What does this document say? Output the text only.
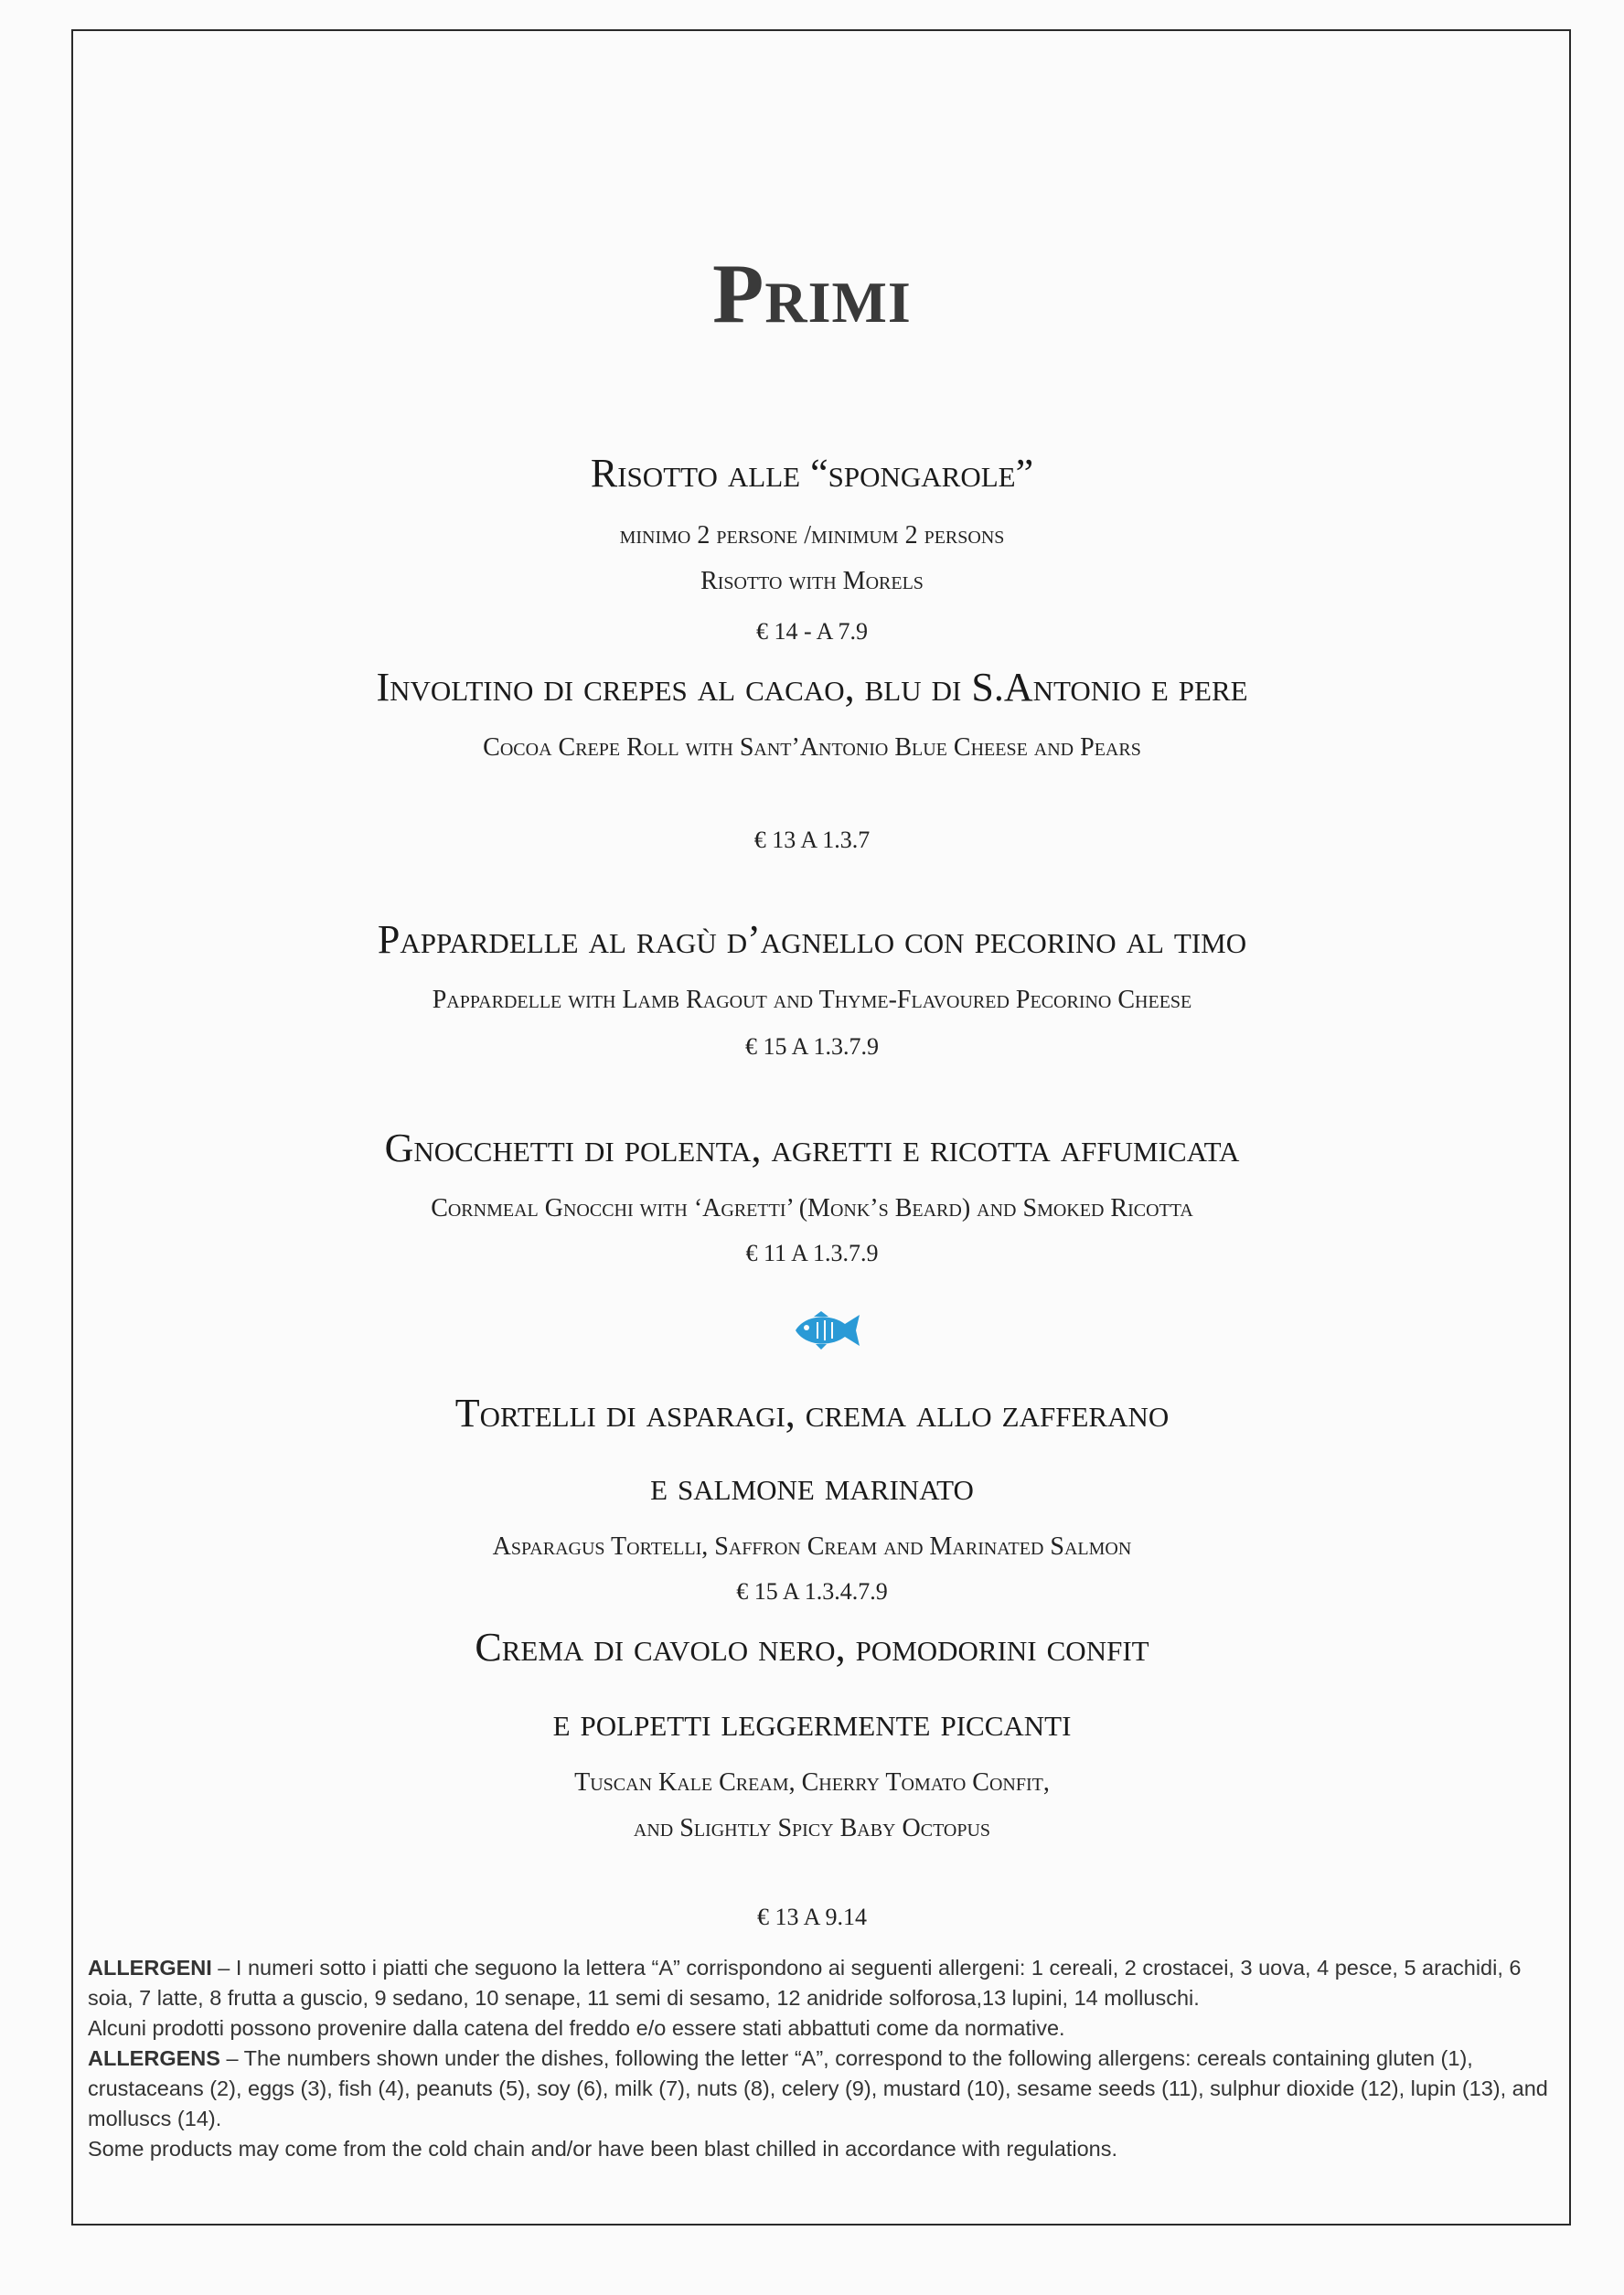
Primi
Risotto alle “spongarole”
minimo 2 persone /minimum 2 persons
Risotto with Morels
€ 14 - A 7.9
Involtino di crepes al cacao, blu di S.Antonio e pere
Cocoa Crepe Roll with Sant’Antonio Blue Cheese and Pears
€ 13 A 1.3.7
Pappardelle al ragù d’agnello con pecorino al timo
Pappardelle with Lamb Ragout and Thyme-Flavoured Pecorino Cheese
€ 15 A 1.3.7.9
Gnocchetti di polenta, agretti e ricotta affumicata
Cornmeal Gnocchi with ‘Agretti’ (Monk’s Beard) and Smoked Ricotta
€ 11 A 1.3.7.9
Tortelli di asparagi, crema allo zafferano
e salmone marinato
Asparagus Tortelli, Saffron Cream and Marinated Salmon
€ 15 A 1.3.4.7.9
Crema di cavolo nero, pomodorini confit
e polpetti leggermente piccanti
Tuscan Kale Cream, Cherry Tomato Confit,
and Slightly Spicy Baby Octopus
€ 13 A 9.14

ALLERGENI – I numeri sotto i piatti che seguono la lettera “A” corrispondono ai seguenti allergeni: 1 cereali, 2 crostacei, 3 uova, 4 pesce, 5 arachidi, 6 soia, 7 latte, 8 frutta a guscio, 9 sedano, 10 senape, 11 semi di sesamo, 12 anidride solforosa,13 lupini, 14 molluschi.

Alcuni prodotti possono provenire dalla catena del freddo e/o essere stati abbattuti come da normative.

ALLERGENS – The numbers shown under the dishes, following the letter “A”, correspond to the following allergens: cereals containing gluten (1), crustaceans (2), eggs (3), fish (4), peanuts (5), soy (6), milk (7), nuts (8), celery (9), mustard (10), sesame seeds (11), sulphur dioxide (12), lupin (13), and molluscs (14).

Some products may come from the cold chain and/or have been blast chilled in accordance with regulations.
